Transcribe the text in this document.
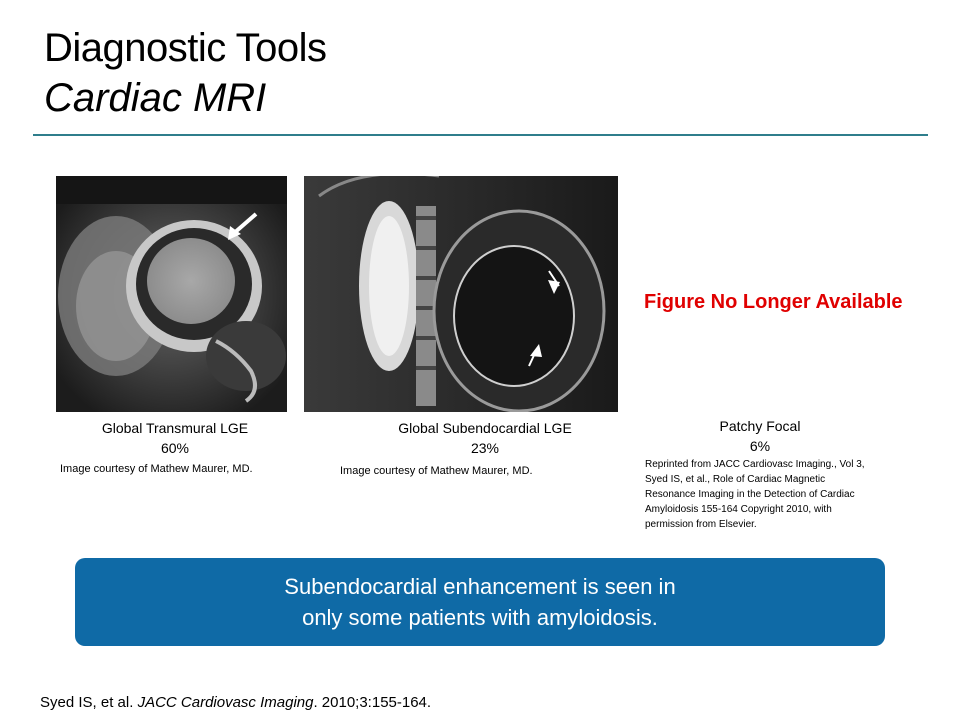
Diagnostic Tools
Cardiac MRI
Figure No Longer Available
Global Transmural LGE
60%
Image courtesy of Mathew Maurer, MD.
Global Subendocardial LGE
23%
Image courtesy of Mathew Maurer, MD.
Patchy Focal
6%
Reprinted from JACC Cardiovasc Imaging., Vol 3,
Syed IS, et al., Role of Cardiac Magnetic
Resonance Imaging in the Detection of Cardiac
Amyloidosis 155-164 Copyright 2010, with
permission from Elsevier.
Subendocardial enhancement is seen in
only some patients with amyloidosis.
Syed IS, et al. JACC Cardiovasc Imaging. 2010;3:155-164.
